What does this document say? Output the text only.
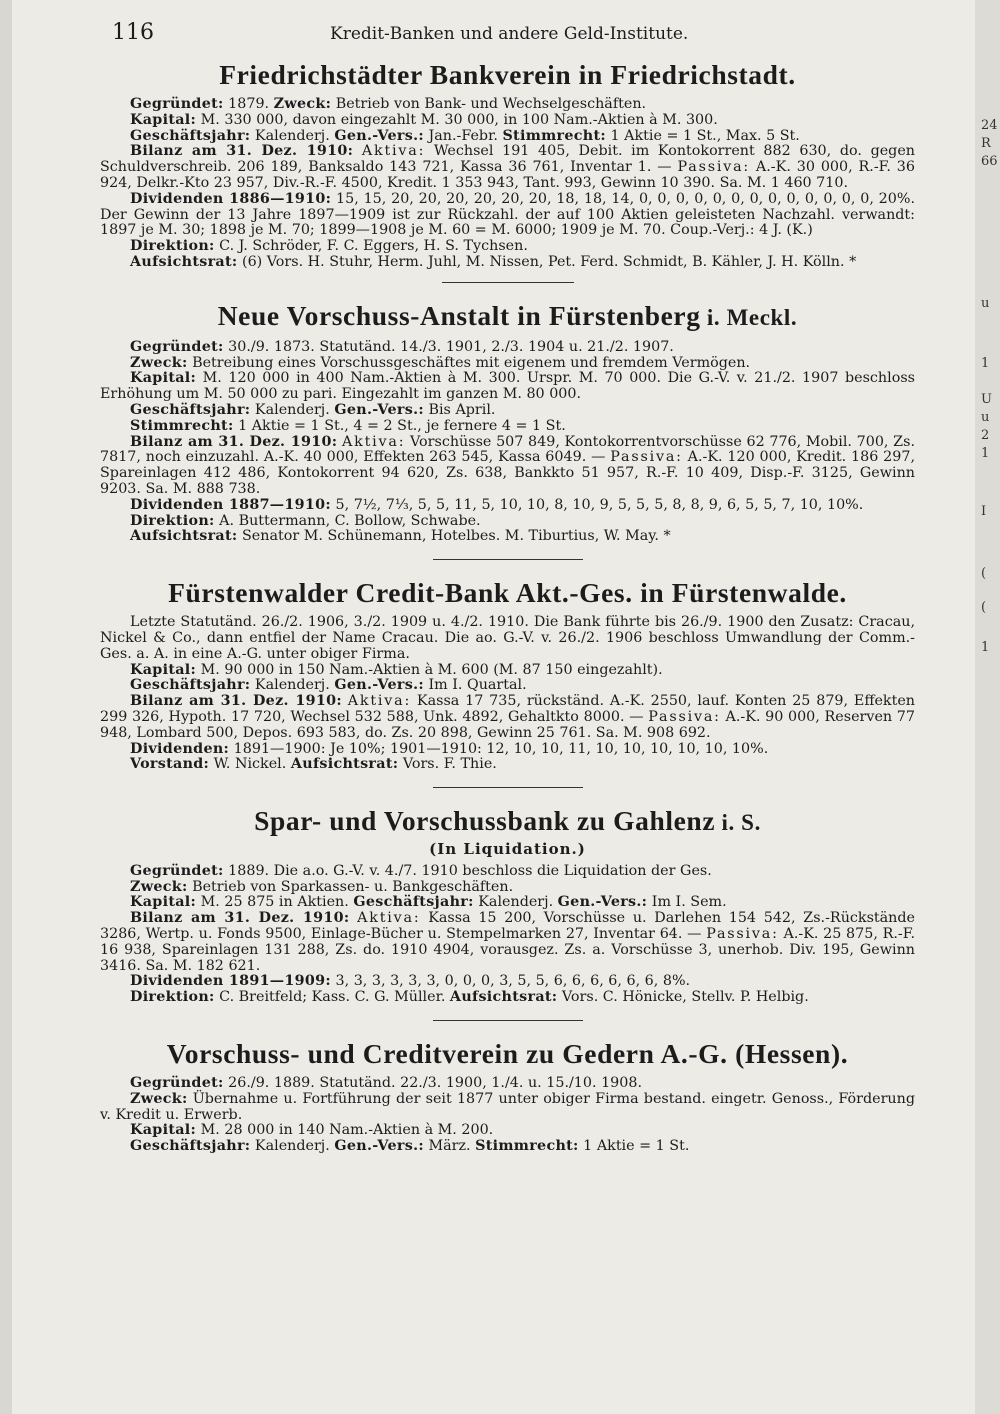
24
R
66
u
1
U
u
2
1
I
(
(
1
116	Kredit-Banken und andere Geld-Institute.
Friedrichstädter Bankverein in Friedrichstadt.

Gegründet: 1879. Zweck: Betrieb von Bank- und Wechselgeschäften.

Kapital: M. 330 000, davon eingezahlt M. 30 000, in 100 Nam.-Aktien à M. 300.

Geschäftsjahr: Kalenderj. Gen.-Vers.: Jan.-Febr. Stimmrecht: 1 Aktie = 1 St., Max. 5 St.

Bilanz am 31. Dez. 1910: Aktiva: Wechsel 191 405, Debit. im Kontokorrent 882 630, do. gegen Schuldverschreib. 206 189, Banksaldo 143 721, Kassa 36 761, Inventar 1. — Passiva: A.-K. 30 000, R.-F. 36 924, Delkr.-Kto 23 957, Div.-R.-F. 4500, Kredit. 1 353 943, Tant. 993, Gewinn 10 390. Sa. M. 1 460 710.

Dividenden 1886—1910: 15, 15, 20, 20, 20, 20, 20, 20, 18, 18, 14, 0, 0, 0, 0, 0, 0, 0, 0, 0, 0, 0, 0, 0, 20%. Der Gewinn der 13 Jahre 1897—1909 ist zur Rückzahl. der auf 100 Aktien geleisteten Nachzahl. verwandt: 1897 je M. 30; 1898 je M. 70; 1899—1908 je M. 60 = M. 6000; 1909 je M. 70. Coup.-Verj.: 4 J. (K.)

Direktion: C. J. Schröder, F. C. Eggers, H. S. Tychsen.

Aufsichtsrat: (6) Vors. H. Stuhr, Herm. Juhl, M. Nissen, Pet. Ferd. Schmidt, B. Kähler, J. H. Kölln. *

Neue Vorschuss-Anstalt in Fürstenberg i. Meckl.

Gegründet: 30./9. 1873. Statutänd. 14./3. 1901, 2./3. 1904 u. 21./2. 1907.

Zweck: Betreibung eines Vorschussgeschäftes mit eigenem und fremdem Vermögen.

Kapital: M. 120 000 in 400 Nam.-Aktien à M. 300. Urspr. M. 70 000. Die G.-V. v. 21./2. 1907 beschloss Erhöhung um M. 50 000 zu pari. Eingezahlt im ganzen M. 80 000.

Geschäftsjahr: Kalenderj. Gen.-Vers.: Bis April.

Stimmrecht: 1 Aktie = 1 St., 4 = 2 St., je fernere 4 = 1 St.

Bilanz am 31. Dez. 1910: Aktiva: Vorschüsse 507 849, Kontokorrentvorschüsse 62 776, Mobil. 700, Zs. 7817, noch einzuzahl. A.-K. 40 000, Effekten 263 545, Kassa 6049. — Passiva: A.-K. 120 000, Kredit. 186 297, Spareinlagen 412 486, Kontokorrent 94 620, Zs. 638, Bankkto 51 957, R.-F. 10 409, Disp.-F. 3125, Gewinn 9203. Sa. M. 888 738.

Dividenden 1887—1910: 5, 7½, 7⅓, 5, 5, 11, 5, 10, 10, 8, 10, 9, 5, 5, 5, 8, 8, 9, 6, 5, 5, 7, 10, 10%.

Direktion: A. Buttermann, C. Bollow, Schwabe.

Aufsichtsrat: Senator M. Schünemann, Hotelbes. M. Tiburtius, W. May. *

Fürstenwalder Credit-Bank Akt.-Ges. in Fürstenwalde.

Letzte Statutänd. 26./2. 1906, 3./2. 1909 u. 4./2. 1910. Die Bank führte bis 26./9. 1900 den Zusatz: Cracau, Nickel & Co., dann entfiel der Name Cracau. Die ao. G.-V. v. 26./2. 1906 beschloss Umwandlung der Comm.-Ges. a. A. in eine A.-G. unter obiger Firma.

Kapital: M. 90 000 in 150 Nam.-Aktien à M. 600 (M. 87 150 eingezahlt).

Geschäftsjahr: Kalenderj. Gen.-Vers.: Im I. Quartal.

Bilanz am 31. Dez. 1910: Aktiva: Kassa 17 735, rückständ. A.-K. 2550, lauf. Konten 25 879, Effekten 299 326, Hypoth. 17 720, Wechsel 532 588, Unk. 4892, Gehaltkto 8000. — Passiva: A.-K. 90 000, Reserven 77 948, Lombard 500, Depos. 693 583, do. Zs. 20 898, Gewinn 25 761. Sa. M. 908 692.

Dividenden: 1891—1900: Je 10%; 1901—1910: 12, 10, 10, 11, 10, 10, 10, 10, 10, 10%.

Vorstand: W. Nickel. Aufsichtsrat: Vors. F. Thie.

Spar- und Vorschussbank zu Gahlenz i. S.
(In Liquidation.)

Gegründet: 1889. Die a.o. G.-V. v. 4./7. 1910 beschloss die Liquidation der Ges.

Zweck: Betrieb von Sparkassen- u. Bankgeschäften.

Kapital: M. 25 875 in Aktien. Geschäftsjahr: Kalenderj. Gen.-Vers.: Im I. Sem.

Bilanz am 31. Dez. 1910: Aktiva: Kassa 15 200, Vorschüsse u. Darlehen 154 542, Zs.-Rückstände 3286, Wertp. u. Fonds 9500, Einlage-Bücher u. Stempelmarken 27, Inventar 64. — Passiva: A.-K. 25 875, R.-F. 16 938, Spareinlagen 131 288, Zs. do. 1910 4904, vorausgez. Zs. a. Vorschüsse 3, unerhob. Div. 195, Gewinn 3416. Sa. M. 182 621.

Dividenden 1891—1909: 3, 3, 3, 3, 3, 3, 0, 0, 0, 3, 5, 5, 6, 6, 6, 6, 6, 6, 8%.

Direktion: C. Breitfeld; Kass. C. G. Müller. Aufsichtsrat: Vors. C. Hönicke, Stellv. P. Helbig.

Vorschuss- und Creditverein zu Gedern A.-G. (Hessen).

Gegründet: 26./9. 1889. Statutänd. 22./3. 1900, 1./4. u. 15./10. 1908.

Zweck: Übernahme u. Fortführung der seit 1877 unter obiger Firma bestand. eingetr. Genoss., Förderung v. Kredit u. Erwerb.

Kapital: M. 28 000 in 140 Nam.-Aktien à M. 200.

Geschäftsjahr: Kalenderj. Gen.-Vers.: März. Stimmrecht: 1 Aktie = 1 St.
